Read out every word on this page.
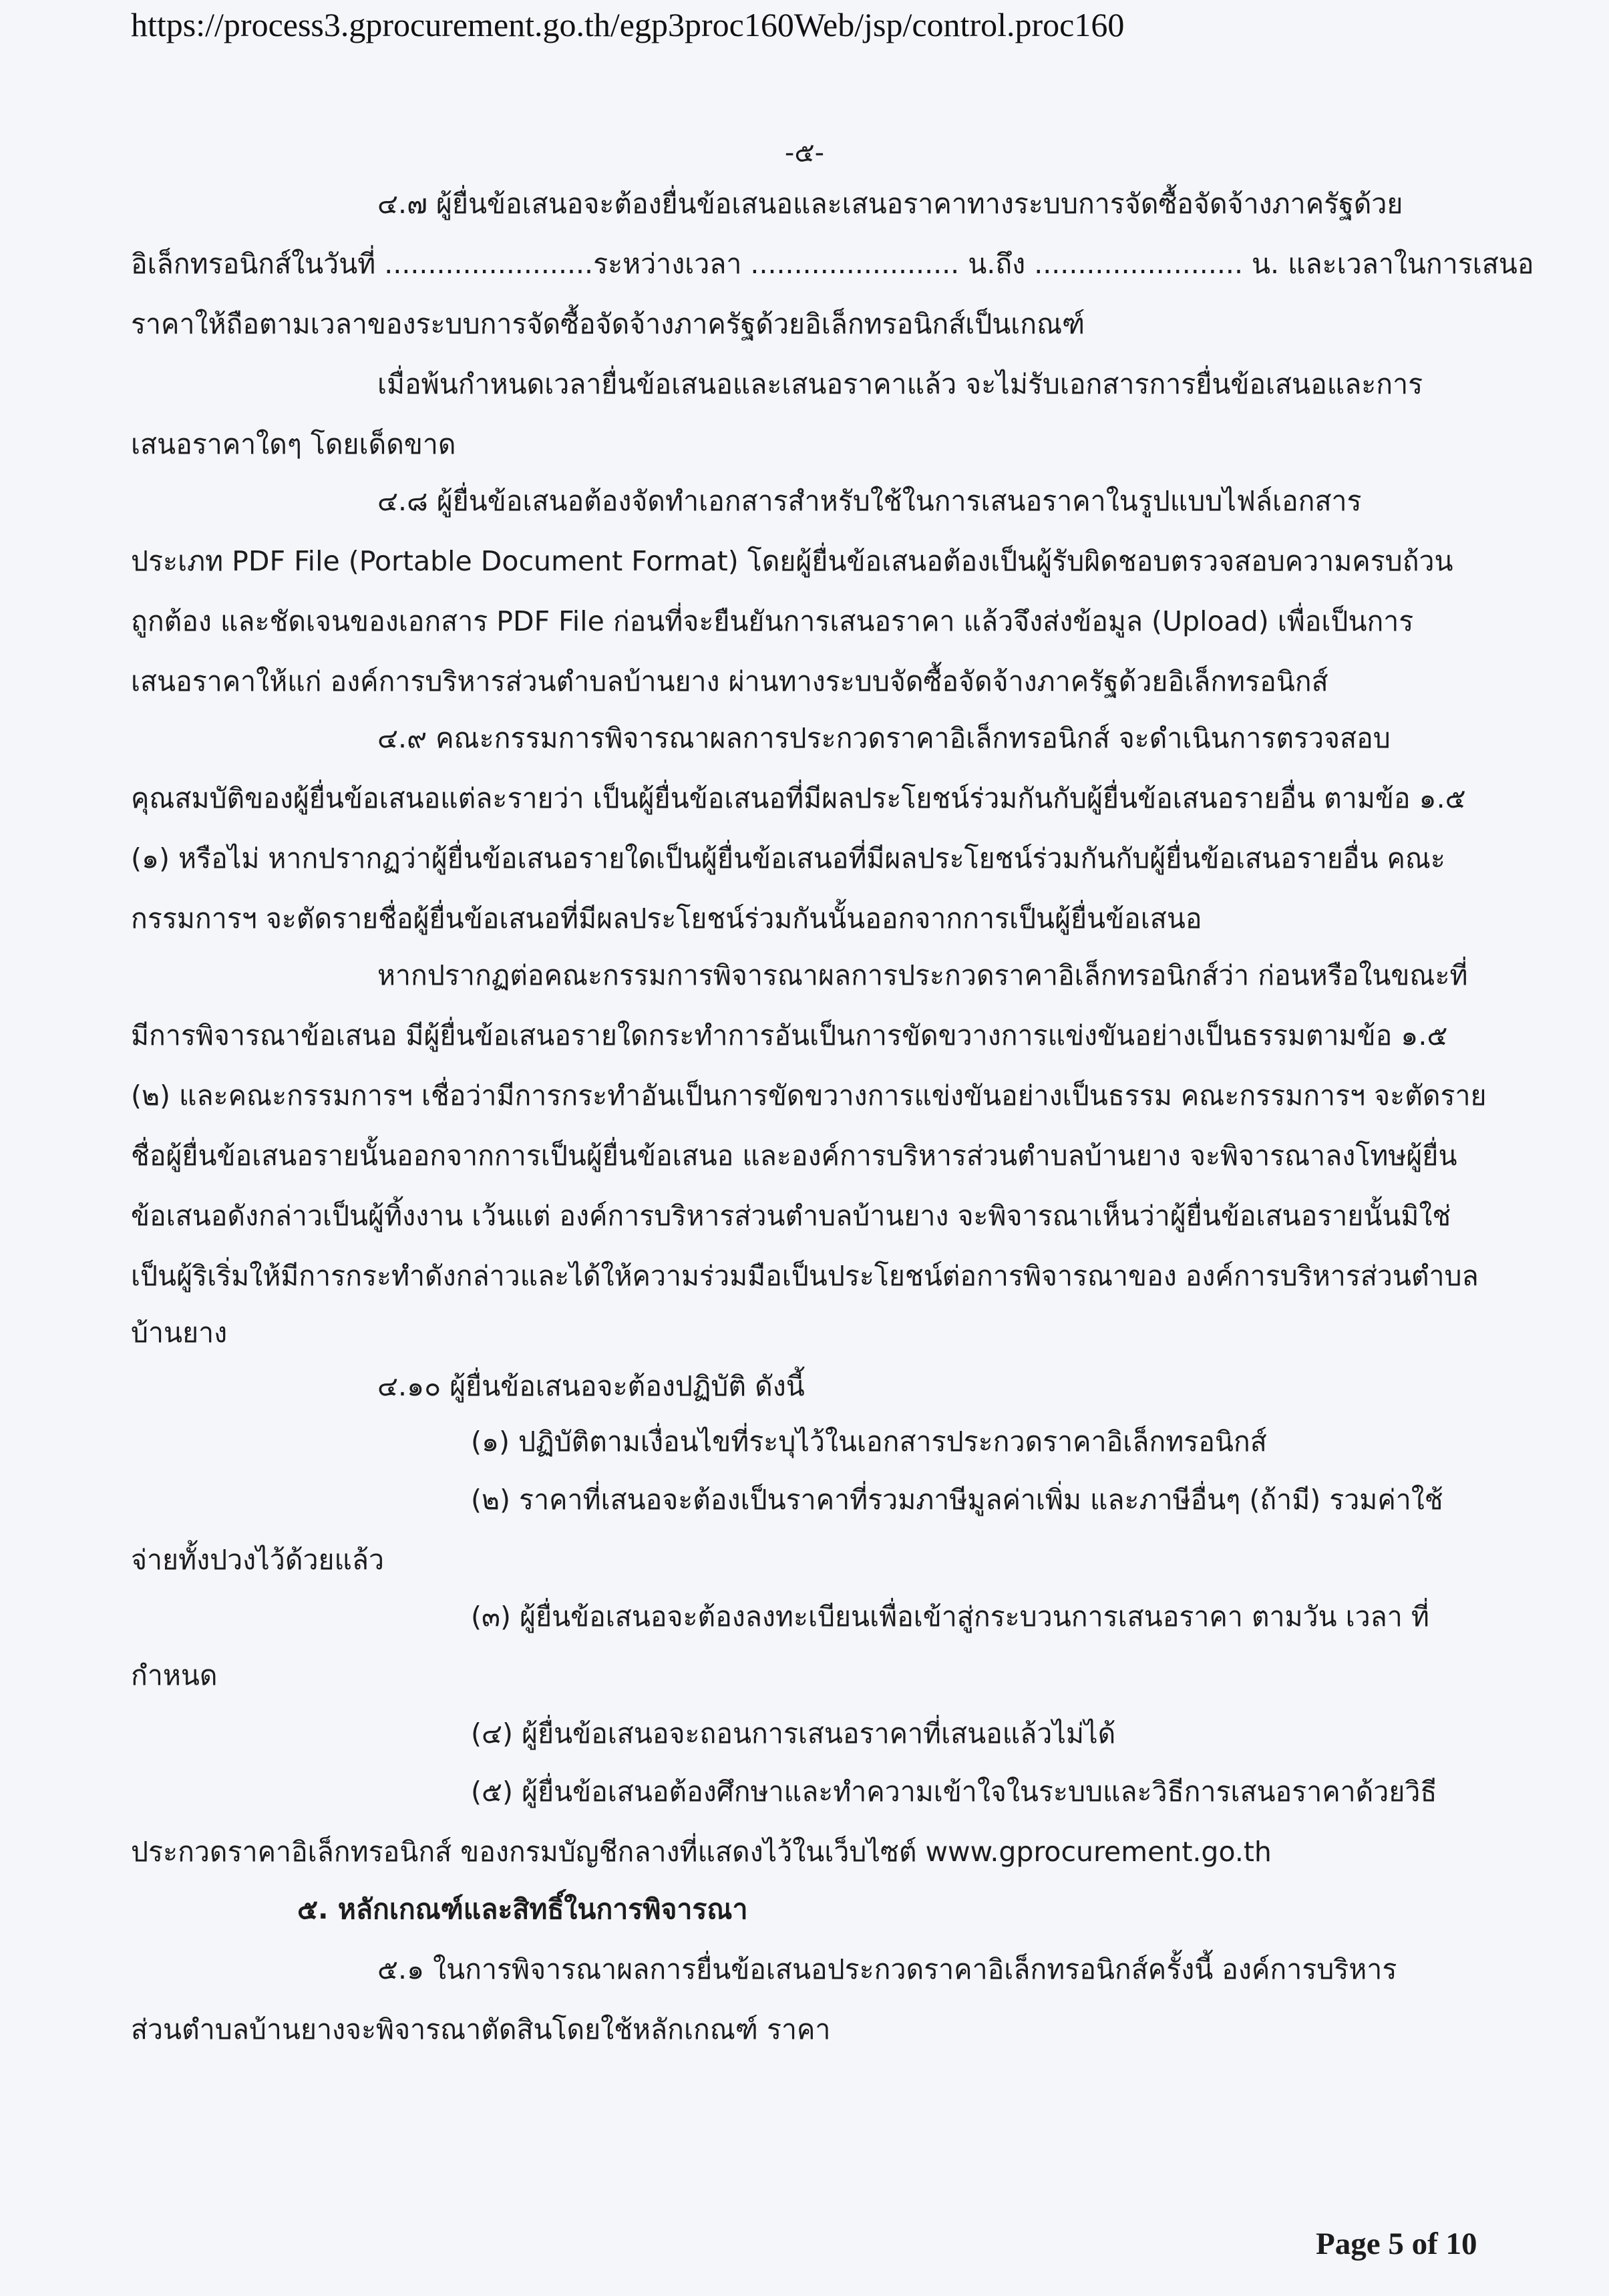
https://process3.gprocurement.go.th/egp3proc160Web/jsp/control.proc160
-๕-
๔.๗ ผู้ยื่นข้อเสนอจะต้องยื่นข้อเสนอและเสนอราคาทางระบบการจัดซื้อจัดจ้างภาครัฐด้วย
อิเล็กทรอนิกส์ในวันที่ ........................ ระหว่างเวลา ........................ น. ถึง ........................ น. และเวลาในการเสนอ
ราคาให้ถือตามเวลาของระบบการจัดซื้อจัดจ้างภาครัฐด้วยอิเล็กทรอนิกส์เป็นเกณฑ์
เมื่อพ้นกำหนดเวลายื่นข้อเสนอและเสนอราคาแล้ว จะไม่รับเอกสารการยื่นข้อเสนอและการ
เสนอราคาใดๆ โดยเด็ดขาด
๔.๘ ผู้ยื่นข้อเสนอต้องจัดทำเอกสารสำหรับใช้ในการเสนอราคาในรูปแบบไฟล์เอกสาร
ประเภท PDF File (Portable Document Format) โดยผู้ยื่นข้อเสนอต้องเป็นผู้รับผิดชอบตรวจสอบความครบถ้วน
ถูกต้อง และชัดเจนของเอกสาร PDF File ก่อนที่จะยืนยันการเสนอราคา แล้วจึงส่งข้อมูล (Upload) เพื่อเป็นการ
เสนอราคาให้แก่ องค์การบริหารส่วนตำบลบ้านยาง ผ่านทางระบบจัดซื้อจัดจ้างภาครัฐด้วยอิเล็กทรอนิกส์
๔.๙ คณะกรรมการพิจารณาผลการประกวดราคาอิเล็กทรอนิกส์ จะดำเนินการตรวจสอบ
คุณสมบัติของผู้ยื่นข้อเสนอแต่ละรายว่า เป็นผู้ยื่นข้อเสนอที่มีผลประโยชน์ร่วมกันกับผู้ยื่นข้อเสนอรายอื่น ตามข้อ ๑.๕
(๑) หรือไม่ หากปรากฏว่าผู้ยื่นข้อเสนอรายใดเป็นผู้ยื่นข้อเสนอที่มีผลประโยชน์ร่วมกันกับผู้ยื่นข้อเสนอรายอื่น คณะ
กรรมการฯ จะตัดรายชื่อผู้ยื่นข้อเสนอที่มีผลประโยชน์ร่วมกันนั้นออกจากการเป็นผู้ยื่นข้อเสนอ
หากปรากฏต่อคณะกรรมการพิจารณาผลการประกวดราคาอิเล็กทรอนิกส์ว่า ก่อนหรือในขณะที่
มีการพิจารณาข้อเสนอ มีผู้ยื่นข้อเสนอรายใดกระทำการอันเป็นการขัดขวางการแข่งขันอย่างเป็นธรรมตามข้อ ๑.๕
(๒) และคณะกรรมการฯ เชื่อว่ามีการกระทำอันเป็นการขัดขวางการแข่งขันอย่างเป็นธรรม คณะกรรมการฯ จะตัดราย
ชื่อผู้ยื่นข้อเสนอรายนั้นออกจากการเป็นผู้ยื่นข้อเสนอ และองค์การบริหารส่วนตำบลบ้านยาง จะพิจารณาลงโทษผู้ยื่น
ข้อเสนอดังกล่าวเป็นผู้ทิ้งงาน เว้นแต่ องค์การบริหารส่วนตำบลบ้านยาง จะพิจารณาเห็นว่าผู้ยื่นข้อเสนอรายนั้นมิใช่
เป็นผู้ริเริ่มให้มีการกระทำดังกล่าวและได้ให้ความร่วมมือเป็นประโยชน์ต่อการพิจารณาของ องค์การบริหารส่วนตำบล
บ้านยาง
๔.๑๐ ผู้ยื่นข้อเสนอจะต้องปฏิบัติ ดังนี้
(๑) ปฏิบัติตามเงื่อนไขที่ระบุไว้ในเอกสารประกวดราคาอิเล็กทรอนิกส์
(๒) ราคาที่เสนอจะต้องเป็นราคาที่รวมภาษีมูลค่าเพิ่ม และภาษีอื่นๆ (ถ้ามี) รวมค่าใช้
จ่ายทั้งปวงไว้ด้วยแล้ว
(๓) ผู้ยื่นข้อเสนอจะต้องลงทะเบียนเพื่อเข้าสู่กระบวนการเสนอราคา ตามวัน เวลา ที่
กำหนด
(๔) ผู้ยื่นข้อเสนอจะถอนการเสนอราคาที่เสนอแล้วไม่ได้
(๕) ผู้ยื่นข้อเสนอต้องศึกษาและทำความเข้าใจในระบบและวิธีการเสนอราคาด้วยวิธี
ประกวดราคาอิเล็กทรอนิกส์ ของกรมบัญชีกลางที่แสดงไว้ในเว็บไซต์ www.gprocurement.go.th
๕. หลักเกณฑ์และสิทธิ์ในการพิจารณา
๕.๑ ในการพิจารณาผลการยื่นข้อเสนอประกวดราคาอิเล็กทรอนิกส์ครั้งนี้ องค์การบริหาร
ส่วนตำบลบ้านยางจะพิจารณาตัดสินโดยใช้หลักเกณฑ์ ราคา
Page 5 of 10
